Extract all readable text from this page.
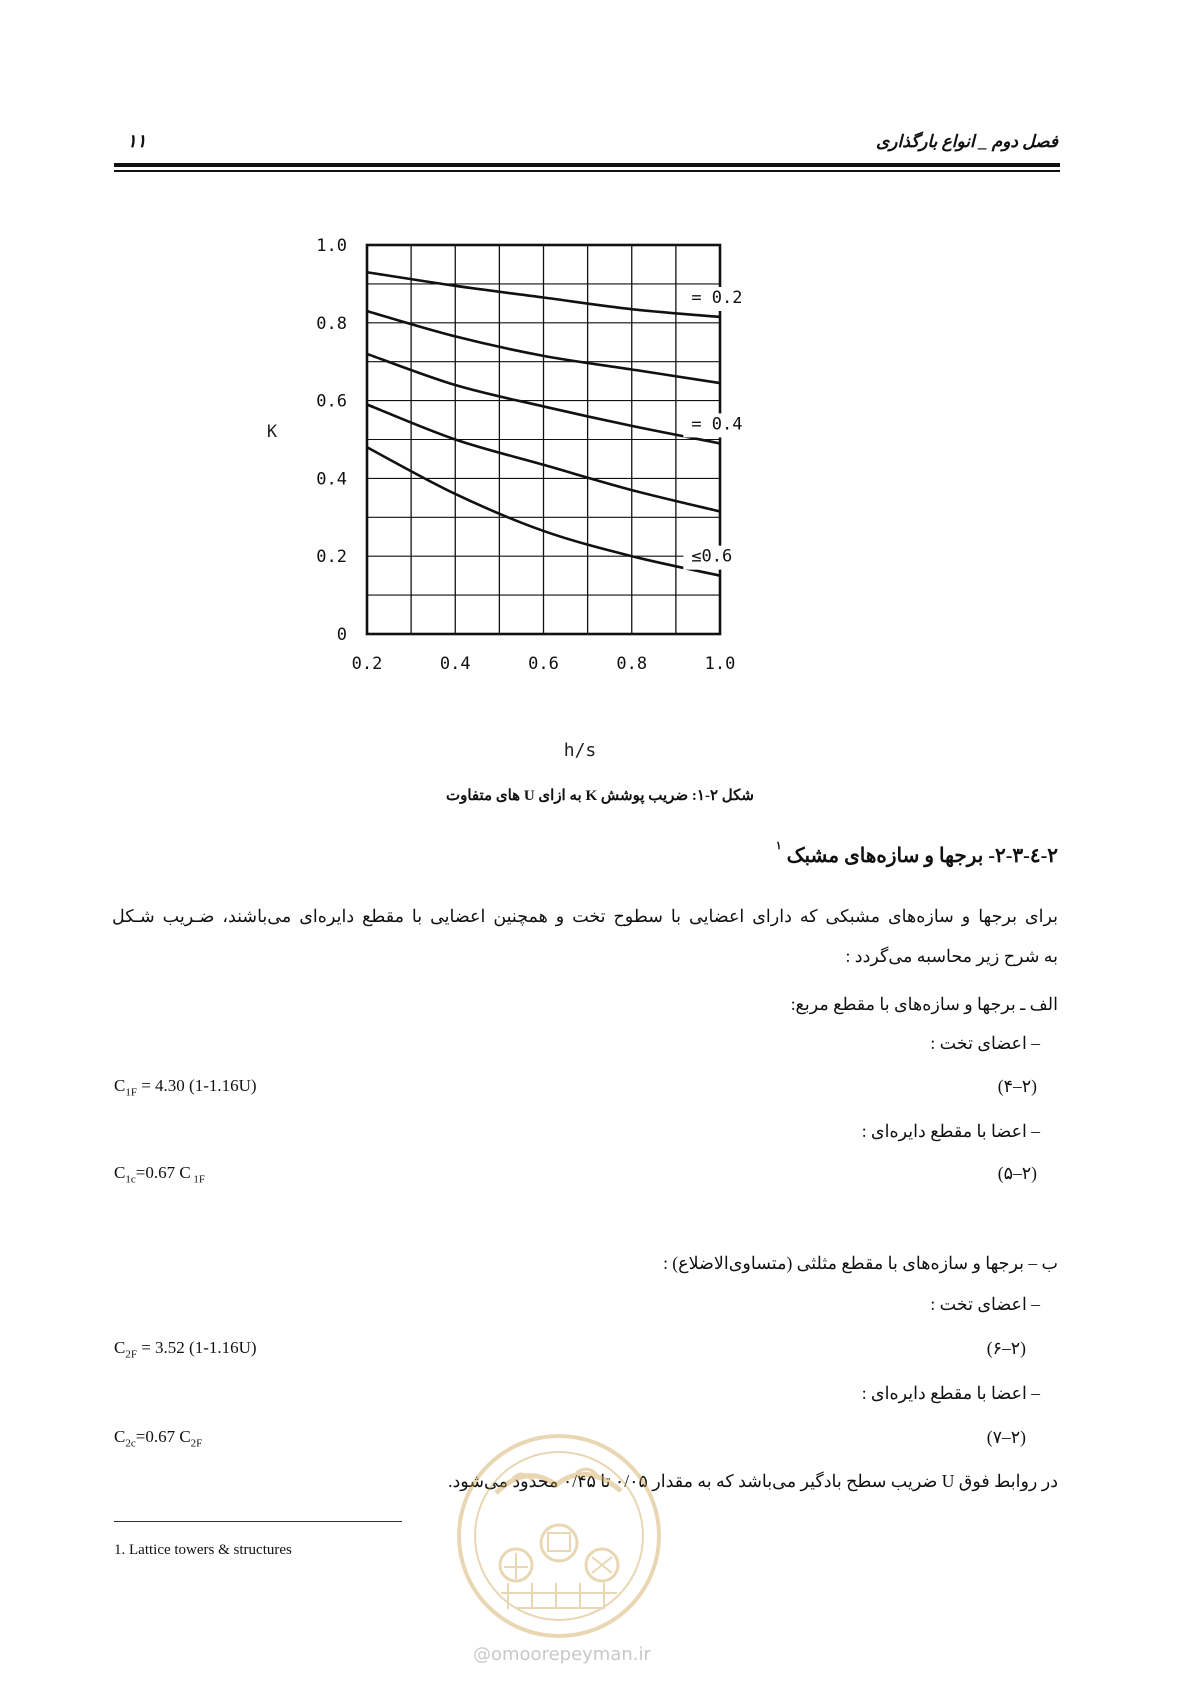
فصل دوم _ انواع بارگذاری
۱۱
0.2	0.4	0.6	0.8	1.0
0
0.2
0.4
0.6
0.8
1.0
= 0.2
= 0.4
≤0.6
K
h/s
شکل ۲-۱: ضریب پوشش K به ازای U های متفاوت
۲-٤-۲-۳- برجها و سازه‌های مشبک $^۱$
برای برجها و سازه‌های مشبکی که دارای اعضایی با سطوح تخت و همچنین اعضایی با مقطع دایره‌ای می‌باشند، ضـریب شـکل
به شرح زیر محاسبه می‌گردد :
الف ـ برجها و سازه‌های با مقطع مربع:
– اعضای تخت :
$C_{1F} = 4.30$ (1-1.16U)	(۲–۴)
– اعضا با مقطع دایره‌ای :
$C_{1c}=0.67$ C $_{1F}$	(۲–۵)
ب – برجها و سازه‌های با مقطع مثلثی (متساوی‌الاضلاع) :
– اعضای تخت :
$C_{2F} = 3.52$ (1-1.16U)	(۲–۶)
– اعضا با مقطع دایره‌ای :
$C_{2c}=0.67$ $C_{2F}$	(۲–۷)
در روابط فوق U ضریب سطح بادگیر می‌باشد که به مقدار ۰/۰۵ تا ۰/۴۵ محدود می‌شود.
1. Lattice towers & structures
@omoorepeyman.ir
